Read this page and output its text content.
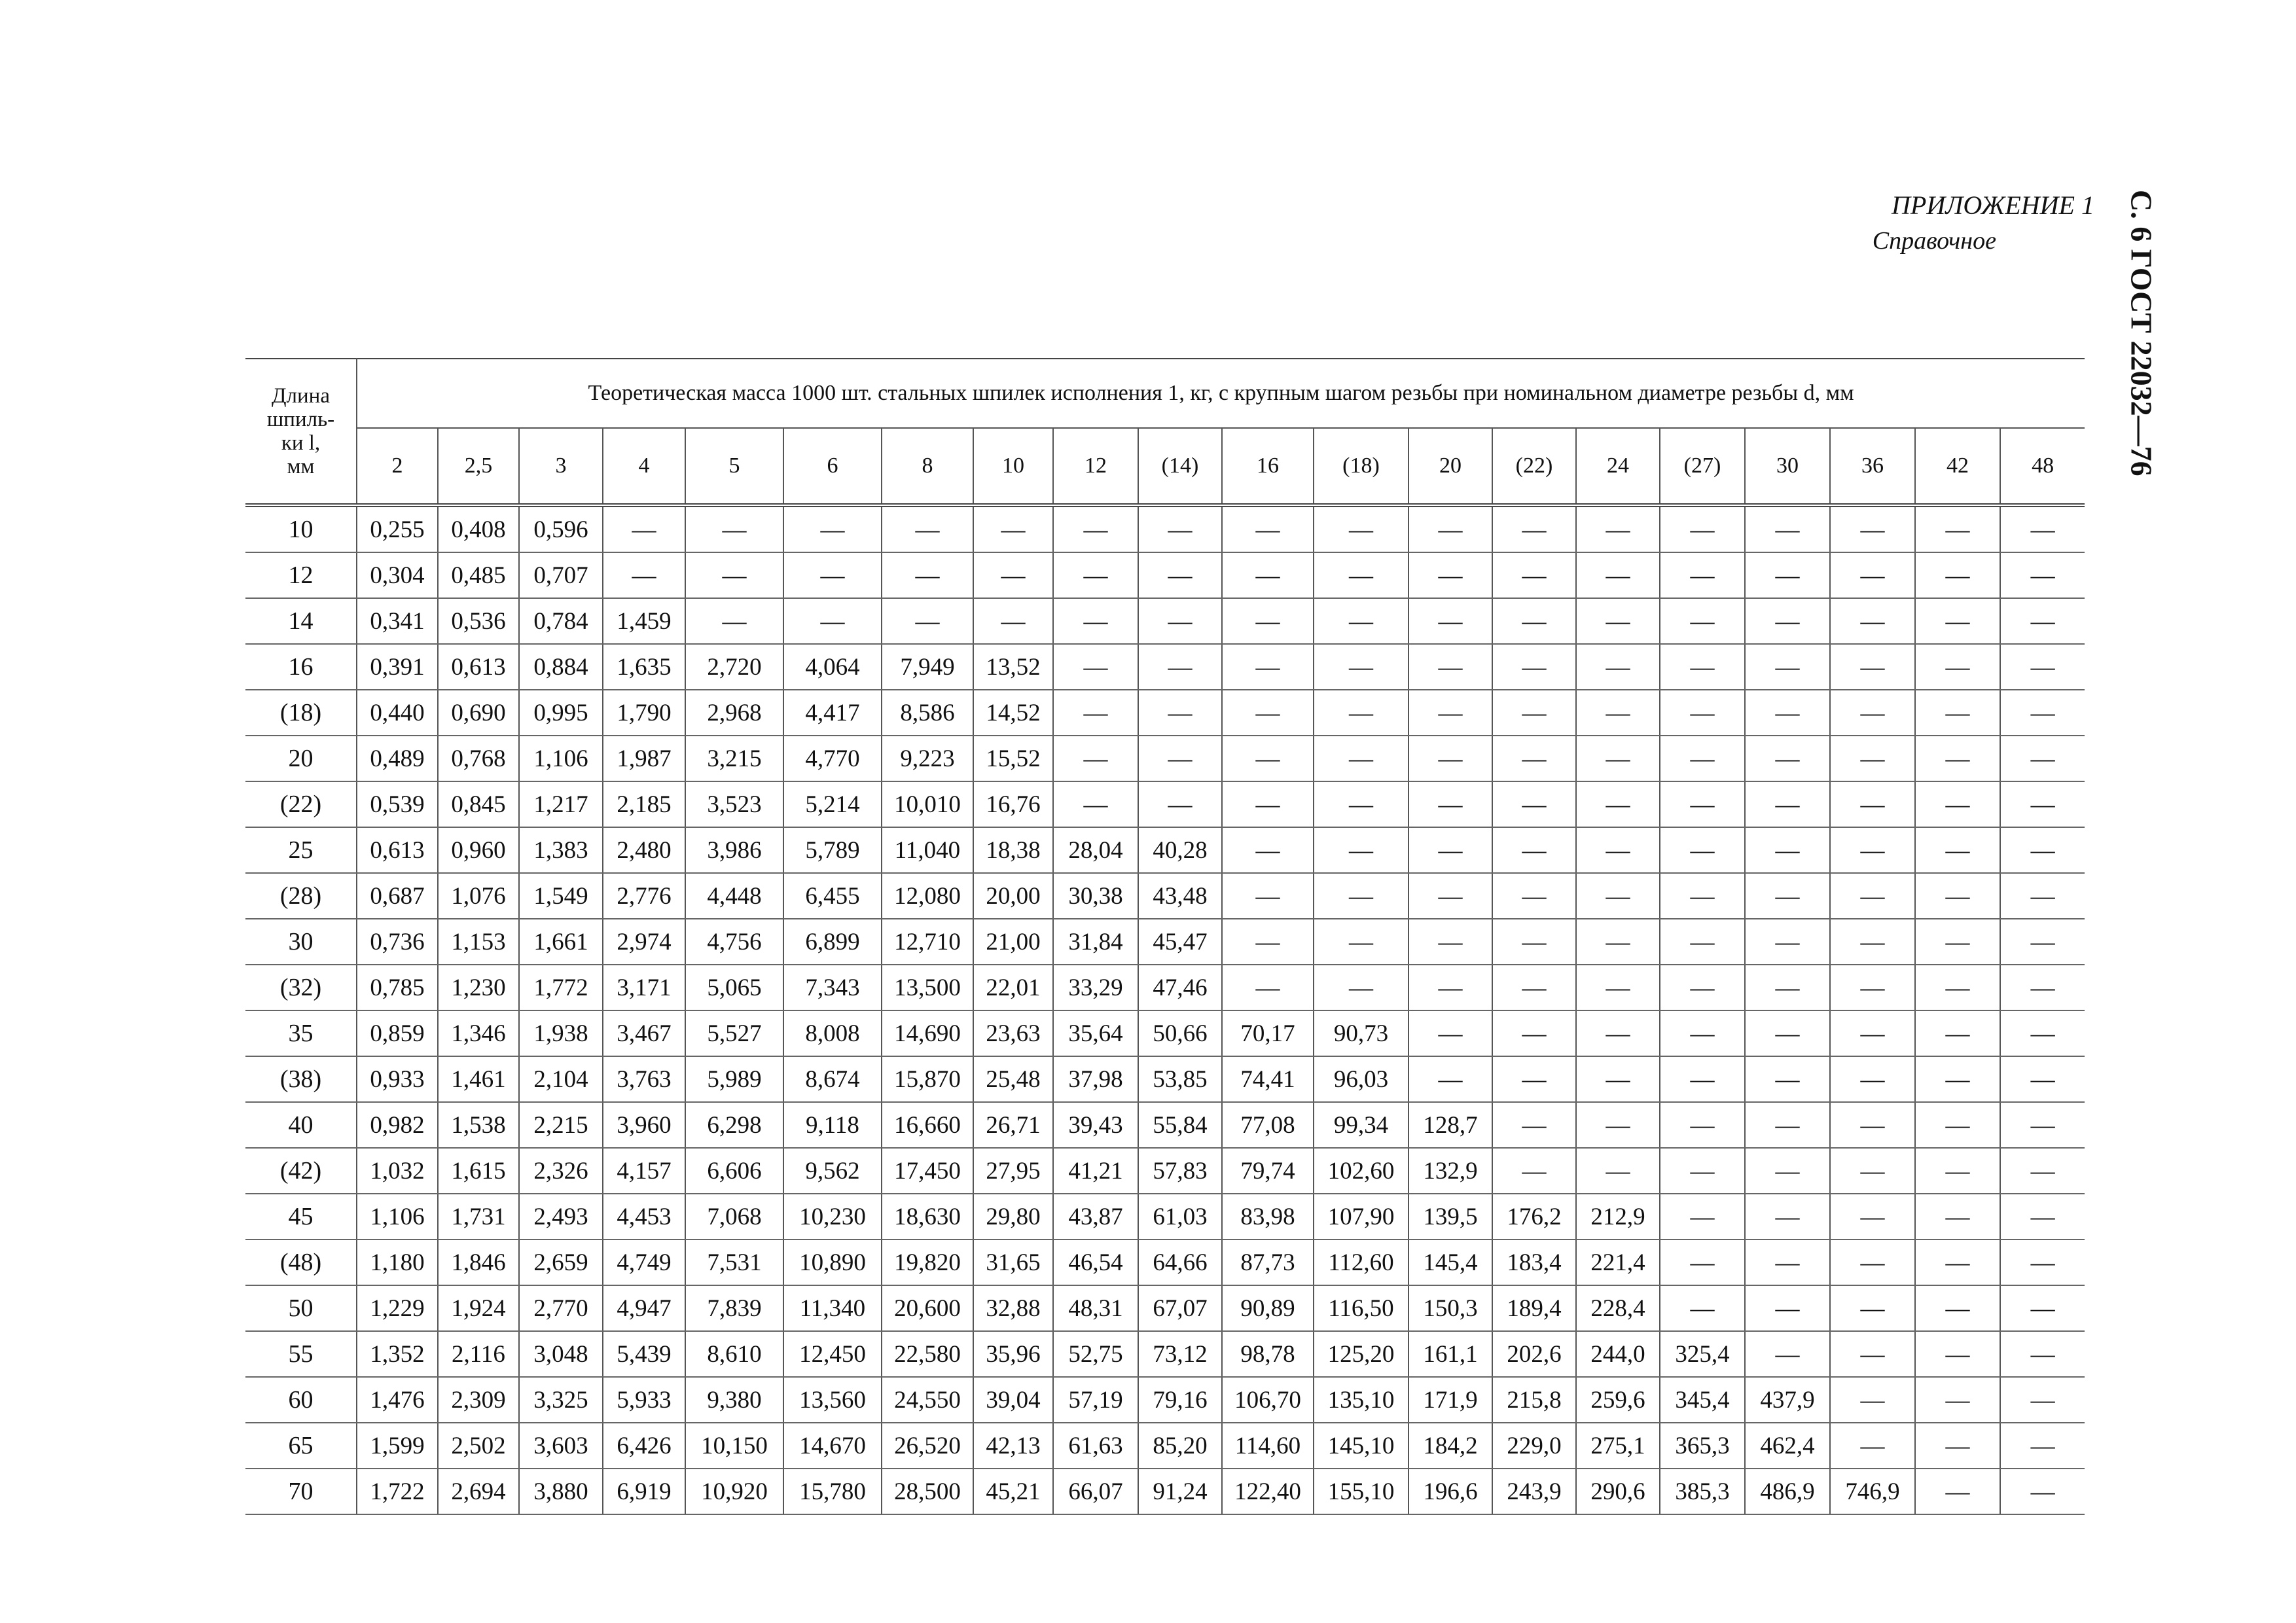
ПРИЛОЖЕНИЕ 1
Справочное	С. 6 ГОСТ 22032—76
Длина
шпиль-
ки l,
мм	Теоретическая масса 1000 шт. стальных шпилек исполнения 1, кг, с крупным шагом резьбы при номинальном диаметре резьбы d, мм																			
	2	2,5	3	4	5	6	8	10	12	(14)	16	(18)	20	(22)	24	(27)	30	36	42	48
10	0,255	0,408	0,596	—	—	—	—	—	—	—	—	—	—	—	—	—	—	—	—	—
12	0,304	0,485	0,707	—	—	—	—	—	—	—	—	—	—	—	—	—	—	—	—	—
14	0,341	0,536	0,784	1,459	—	—	—	—	—	—	—	—	—	—	—	—	—	—	—	—
16	0,391	0,613	0,884	1,635	2,720	4,064	7,949	13,52	—	—	—	—	—	—	—	—	—	—	—	—
(18)	0,440	0,690	0,995	1,790	2,968	4,417	8,586	14,52	—	—	—	—	—	—	—	—	—	—	—	—
20	0,489	0,768	1,106	1,987	3,215	4,770	9,223	15,52	—	—	—	—	—	—	—	—	—	—	—	—
(22)	0,539	0,845	1,217	2,185	3,523	5,214	10,010	16,76	—	—	—	—	—	—	—	—	—	—	—	—
25	0,613	0,960	1,383	2,480	3,986	5,789	11,040	18,38	28,04	40,28	—	—	—	—	—	—	—	—	—	—
(28)	0,687	1,076	1,549	2,776	4,448	6,455	12,080	20,00	30,38	43,48	—	—	—	—	—	—	—	—	—	—
30	0,736	1,153	1,661	2,974	4,756	6,899	12,710	21,00	31,84	45,47	—	—	—	—	—	—	—	—	—	—
(32)	0,785	1,230	1,772	3,171	5,065	7,343	13,500	22,01	33,29	47,46	—	—	—	—	—	—	—	—	—	—
35	0,859	1,346	1,938	3,467	5,527	8,008	14,690	23,63	35,64	50,66	70,17	90,73	—	—	—	—	—	—	—	—
(38)	0,933	1,461	2,104	3,763	5,989	8,674	15,870	25,48	37,98	53,85	74,41	96,03	—	—	—	—	—	—	—	—
40	0,982	1,538	2,215	3,960	6,298	9,118	16,660	26,71	39,43	55,84	77,08	99,34	128,7	—	—	—	—	—	—	—
(42)	1,032	1,615	2,326	4,157	6,606	9,562	17,450	27,95	41,21	57,83	79,74	102,60	132,9	—	—	—	—	—	—	—
45	1,106	1,731	2,493	4,453	7,068	10,230	18,630	29,80	43,87	61,03	83,98	107,90	139,5	176,2	212,9	—	—	—	—	—
(48)	1,180	1,846	2,659	4,749	7,531	10,890	19,820	31,65	46,54	64,66	87,73	112,60	145,4	183,4	221,4	—	—	—	—	—
50	1,229	1,924	2,770	4,947	7,839	11,340	20,600	32,88	48,31	67,07	90,89	116,50	150,3	189,4	228,4	—	—	—	—	—
55	1,352	2,116	3,048	5,439	8,610	12,450	22,580	35,96	52,75	73,12	98,78	125,20	161,1	202,6	244,0	325,4	—	—	—	—
60	1,476	2,309	3,325	5,933	9,380	13,560	24,550	39,04	57,19	79,16	106,70	135,10	171,9	215,8	259,6	345,4	437,9	—	—	—
65	1,599	2,502	3,603	6,426	10,150	14,670	26,520	42,13	61,63	85,20	114,60	145,10	184,2	229,0	275,1	365,3	462,4	—	—	—
70	1,722	2,694	3,880	6,919	10,920	15,780	28,500	45,21	66,07	91,24	122,40	155,10	196,6	243,9	290,6	385,3	486,9	746,9	—	—
